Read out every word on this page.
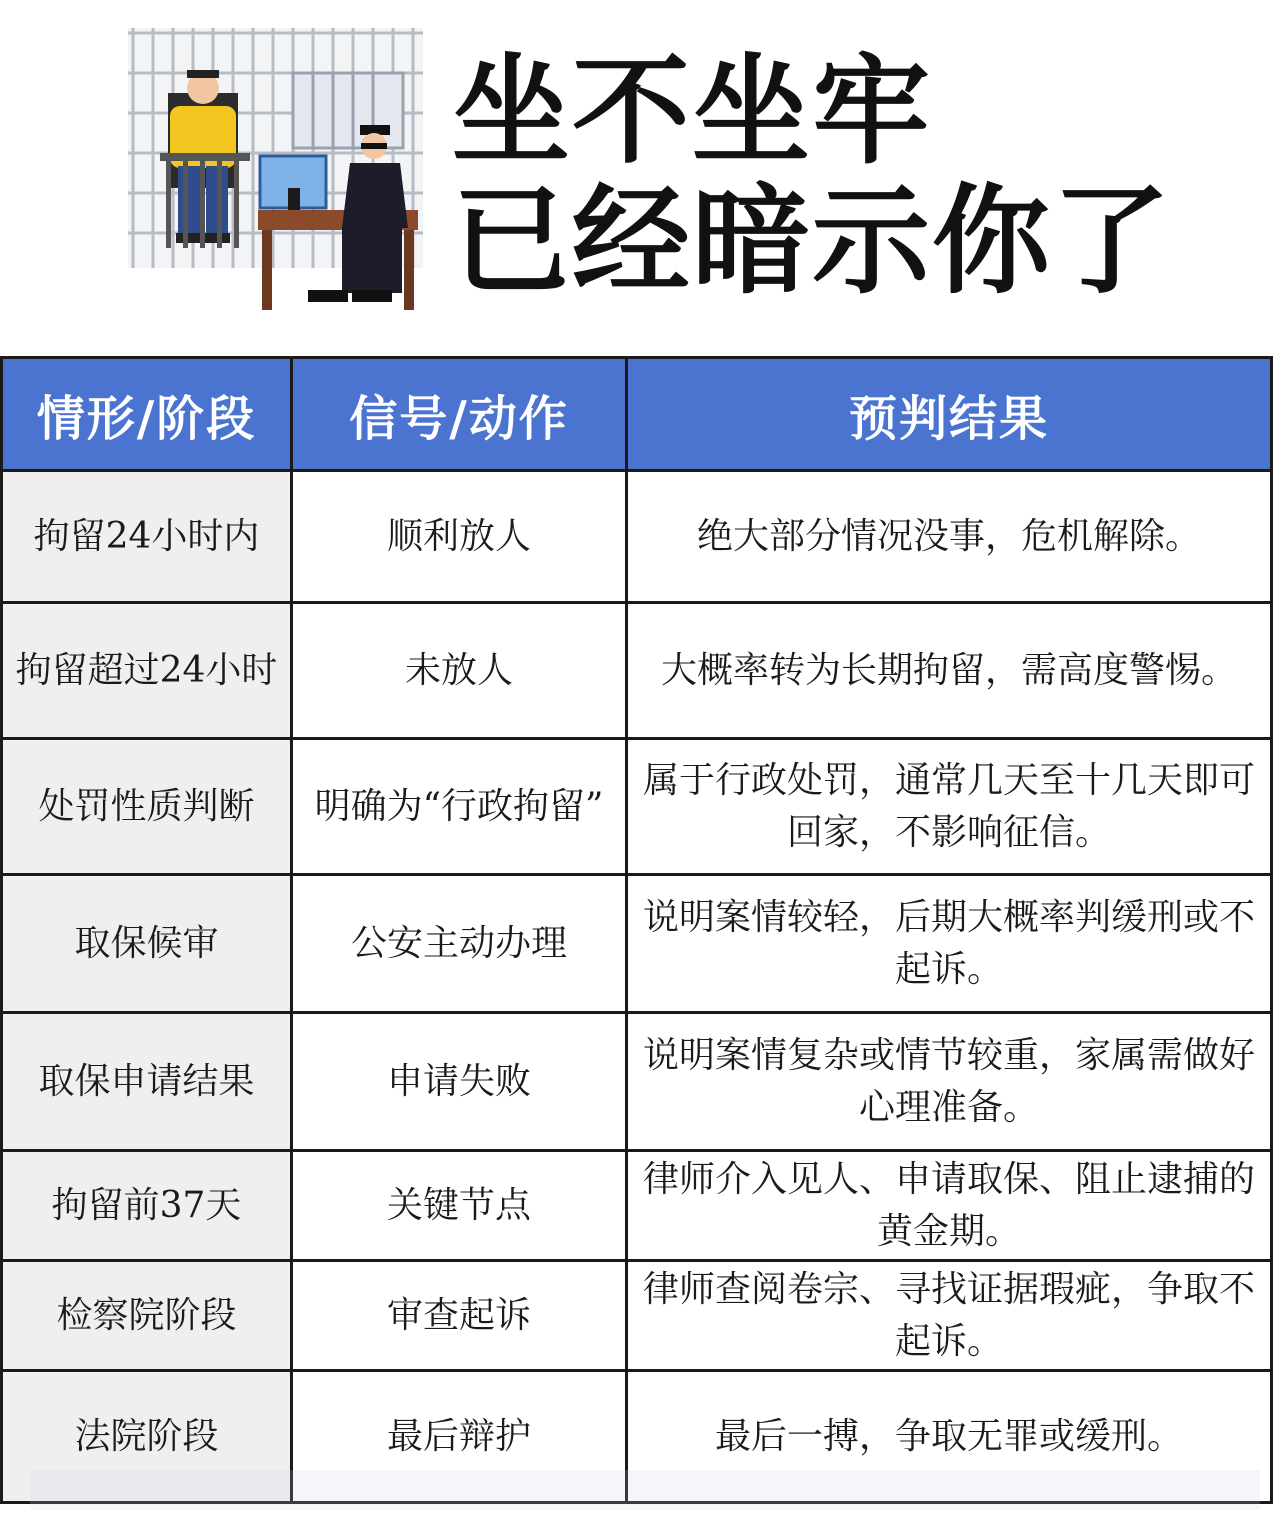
坐不坐牢
已经暗示你了
情形/阶段	信号/动作	预判结果
拘留24小时内	顺利放人	绝大部分情况没事，危机解除。
拘留超过24小时	未放人	大概率转为长期拘留，需高度警惕。
处罚性质判断	明确为“行政拘留”	属于行政处罚，通常几天至十几天即可回家，不影响征信。
取保候审	公安主动办理	说明案情较轻，后期大概率判缓刑或不起诉。
取保申请结果	申请失败	说明案情复杂或情节较重，家属需做好心理准备。
拘留前37天	关键节点	律师介入见人、申请取保、阻止逮捕的黄金期。
检察院阶段	审查起诉	律师查阅卷宗、寻找证据瑕疵，争取不起诉。
法院阶段	最后辩护	最后一搏，争取无罪或缓刑。
